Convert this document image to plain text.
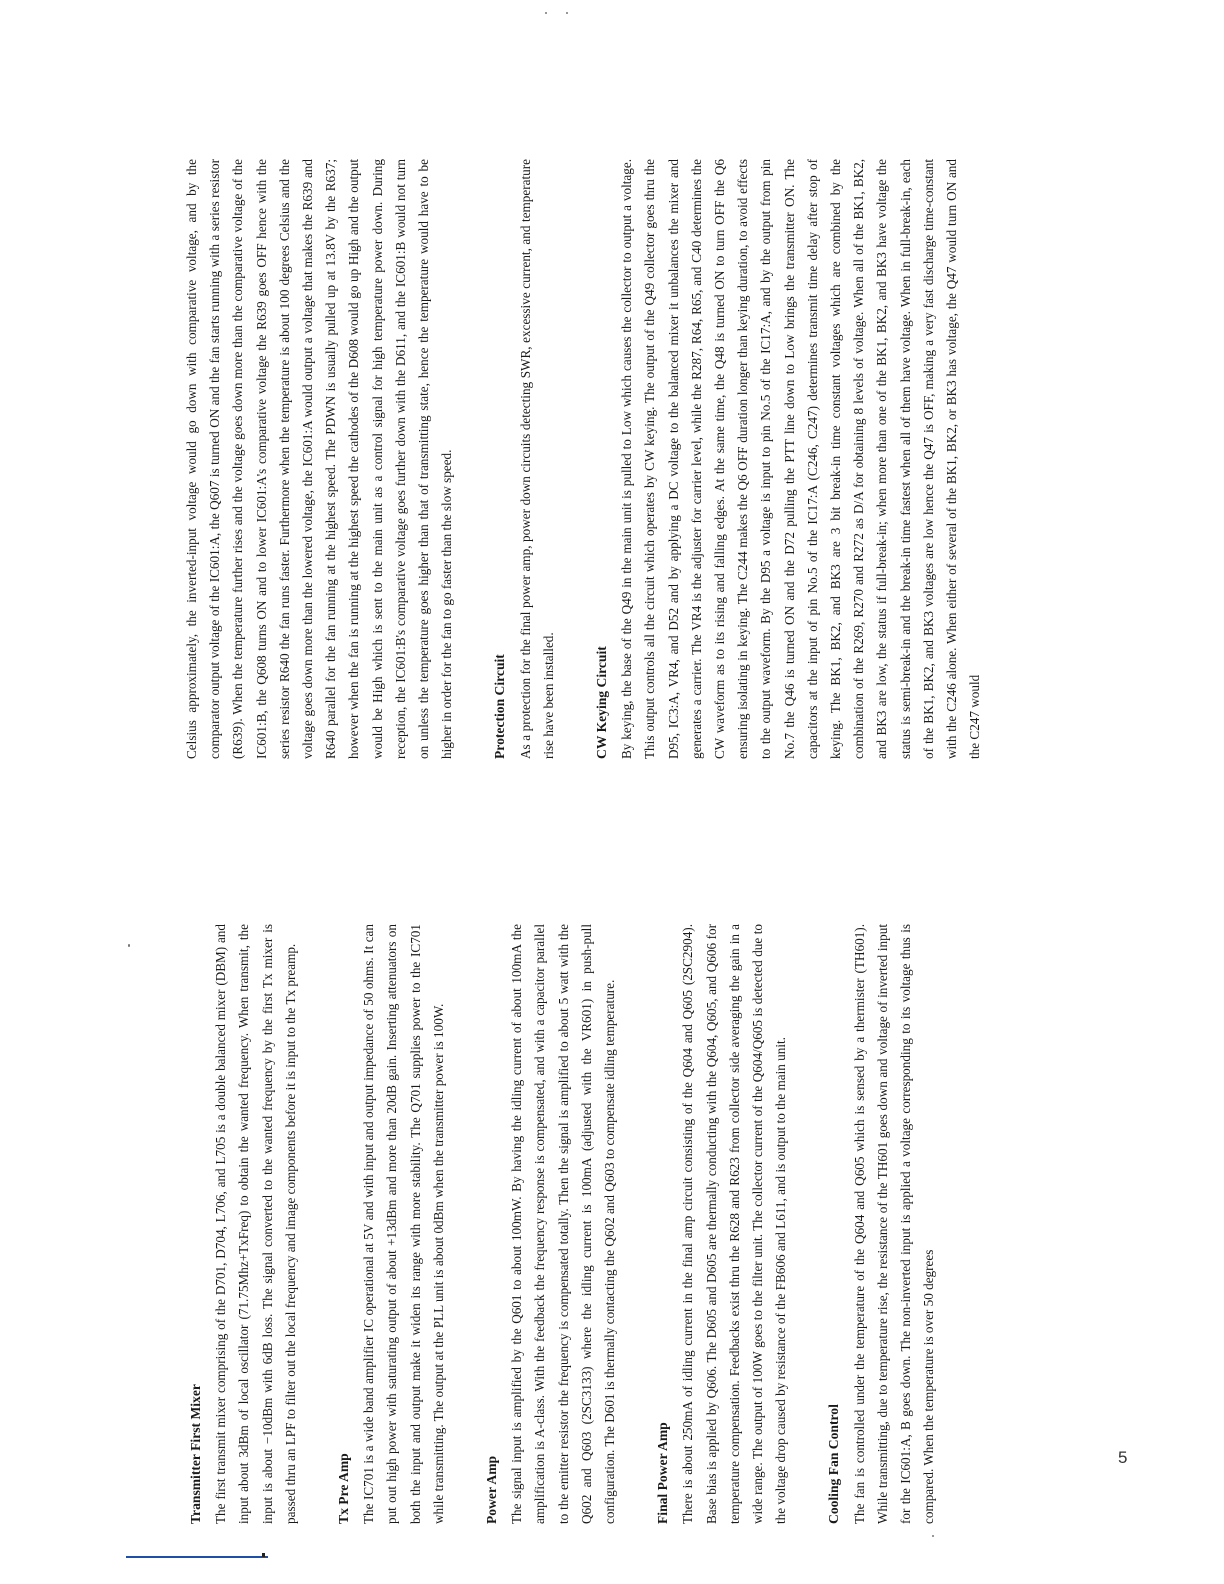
Transmitter First Mixer The first transmit mixer comprising of the D701, D704, L706, and L705 is a double balanced mixer (DBM) and input about 3dBm of local oscillator (71.75Mhz+TxFreq) to obtain the wanted frequency. When transmit, the input is about −10dBm with 6dB loss. The signal converted to the wanted frequency by the first Tx mixer is passed thru an LPF to filter out the local frequency and image components before it is input to the Tx preamp.	Tx Pre Amp The IC701 is a wide band amplifier IC operational at 5V and with input and output impedance of 50 ohms. It can put out high power with saturating output of about +13dBm and more than 20dB gain. Inserting attenuators on both the input and output make it widen its range with more stability. The Q701 supplies power to the IC701 while transmitting. The output at the PLL unit is about 0dBm when the transmitter power is 100W.	Power Amp The signal input is amplified by the Q601 to about 100mW. By having the idling current of about 100mA the amplification is A-class. With the feedback the frequency response is compensated, and with a capacitor parallel to the emitter resistor the frequency is compensated totally. Then the signal is amplified to about 5 watt with the Q602 and Q603 (2SC3133) where the idling current is 100mA (adjusted with the VR601) in push-pull configuration. The D601 is thermally contacting the Q602 and Q603 to compensate idling temperature.	Final Power Amp There is about 250mA of idling current in the final amp circuit consisting of the Q604 and Q605 (2SC2904). Base bias is applied by Q606. The D605 and D605 are thermally conducting with the Q604, Q605, and Q606 for temperature compensation. Feedbacks exist thru the R628 and R623 from collector side averaging the gain in a wide range. The output of 100W goes to the filter unit. The collector current of the Q604/Q605 is detected due to the voltage drop caused by resistance of the FB606 and L611, and is output to the main unit.	Cooling Fan Control The fan is controlled under the temperature of the Q604 and Q605 which is sensed by a thermister (TH601). While transmitting, due to temperature rise, the resistance of the TH601 goes down and voltage of inverted input for the IC601:A, B goes down. The non-inverted input is applied a voltage corresponding to its voltage thus is compared. When the temperature is over 50 degrees

Celsius approximately, the inverted-input voltage would go down with comparative voltage, and by the comparator output voltage of the IC601:A, the Q607 is turned ON and the fan starts running with a series resistor (R639). When the temperature further rises and the voltage goes down more than the comparative voltage of the IC601:B, the Q608 turns ON and to lower IC601:A's comparative voltage the R639 goes OFF hence with the series resistor R640 the fan runs faster. Furthermore when the temperature is about 100 degrees Celsius and the voltage goes down more than the lowered voltage, the IC601:A would output a voltage that makes the R639 and R640 parallel for the fan running at the highest speed. The PDWN is usually pulled up at 13.8V by the R637; however when the fan is running at the highest speed the cathodes of the D608 would go up High and the output would be High which is sent to the main unit as a control signal for high temperature power down. During reception, the IC601:B's comparative voltage goes further down with the D611, and the IC601:B would not turn on unless the temperature goes higher than that of transmitting state, hence the temperature would have to be higher in order for the fan to go faster than the slow speed.	Protection Circuit As a protection for the final power amp, power down circuits detecting SWR, excessive current, and temperature rise have been installed.	CW Keying Circuit By keying, the base of the Q49 in the main unit is pulled to Low which causes the collector to output a voltage. This output controls all the circuit which operates by CW keying. The output of the Q49 collector goes thru the D95, IC3:A, VR4, and D52 and by applying a DC voltage to the balanced mixer it unbalances the mixer and generates a carrier. The VR4 is the adjuster for carrier level, while the R287, R64, R65, and C40 determines the CW waveform as to its rising and falling edges. At the same time, the Q48 is turned ON to turn OFF the Q6 ensuring isolating in keying. The C244 makes the Q6 OFF duration longer than keying duration, to avoid effects to the output waveform. By the D95 a voltage is input to pin No.5 of the IC17:A, and by the output from pin No.7 the Q46 is turned ON and the D72 pulling the PTT line down to Low brings the transmitter ON. The capacitors at the input of pin No.5 of the IC17:A (C246, C247) determines transmit time delay after stop of keying. The BK1, BK2, and BK3 are 3 bit break-in time constant voltages which are combined by the combination of the R269, R270 and R272 as D/A for obtaining 8 levels of voltage. When all of the BK1, BK2, and BK3 are low, the status if full-break-in; when more than one of the BK1, BK2, and BK3 have voltage the status is semi-break-in and the break-in time fastest when all of them have voltage. When in full-break-in, each of the BK1, BK2, and BK3 voltages are low hence the Q47 is OFF, making a very fast discharge time-constant with the C246 alone. When either of several of the BK1, BK2, or BK3 has voltage, the Q47 would turn ON and the C247 would

5
